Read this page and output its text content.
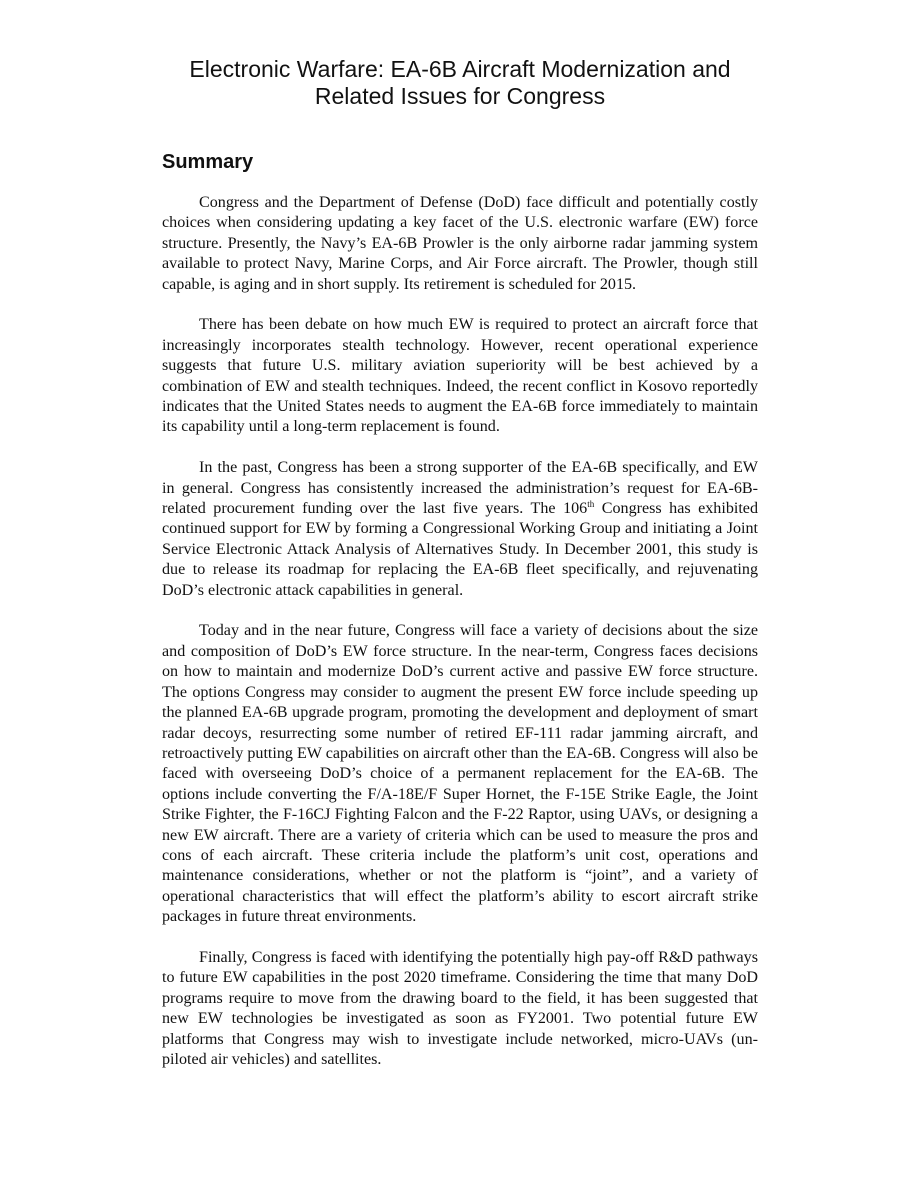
Electronic Warfare: EA-6B Aircraft Modernization and
Related Issues for Congress
Summary

Congress and the Department of Defense (DoD) face difficult and potentially costly choices when considering updating a key facet of the U.S. electronic warfare (EW) force structure. Presently, the Navy’s EA-6B Prowler is the only airborne radar jamming system available to protect Navy, Marine Corps, and Air Force aircraft. The Prowler, though still capable, is aging and in short supply. Its retirement is scheduled for 2015.

There has been debate on how much EW is required to protect an aircraft force that increasingly incorporates stealth technology. However, recent operational experience suggests that future U.S. military aviation superiority will be best achieved by a combination of EW and stealth techniques. Indeed, the recent conflict in Kosovo reportedly indicates that the United States needs to augment the EA-6B force immediately to maintain its capability until a long-term replacement is found.

In the past, Congress has been a strong supporter of the EA-6B specifically, and EW in general. Congress has consistently increased the administration’s request for EA-6B-related procurement funding over the last five years. The 106th Congress has exhibited continued support for EW by forming a Congressional Working Group and initiating a Joint Service Electronic Attack Analysis of Alternatives Study. In December 2001, this study is due to release its roadmap for replacing the EA-6B fleet specifically, and rejuvenating DoD’s electronic attack capabilities in general.

Today and in the near future, Congress will face a variety of decisions about the size and composition of DoD’s EW force structure. In the near-term, Congress faces decisions on how to maintain and modernize DoD’s current active and passive EW force structure. The options Congress may consider to augment the present EW force include speeding up the planned EA-6B upgrade program, promoting the development and deployment of smart radar decoys, resurrecting some number of retired EF-111 radar jamming aircraft, and retroactively putting EW capabilities on aircraft other than the EA-6B. Congress will also be faced with overseeing DoD’s choice of a permanent replacement for the EA-6B. The options include converting the F/A-18E/F Super Hornet, the F-15E Strike Eagle, the Joint Strike Fighter, the F-16CJ Fighting Falcon and the F-22 Raptor, using UAVs, or designing a new EW aircraft. There are a variety of criteria which can be used to measure the pros and cons of each aircraft. These criteria include the platform’s unit cost, operations and maintenance considerations, whether or not the platform is “joint”, and a variety of operational characteristics that will effect the platform’s ability to escort aircraft strike packages in future threat environments.

Finally, Congress is faced with identifying the potentially high pay-off R&D pathways to future EW capabilities in the post 2020 timeframe. Considering the time that many DoD programs require to move from the drawing board to the field, it has been suggested that new EW technologies be investigated as soon as FY2001. Two potential future EW platforms that Congress may wish to investigate include networked, micro-UAVs (un-piloted air vehicles) and satellites.
